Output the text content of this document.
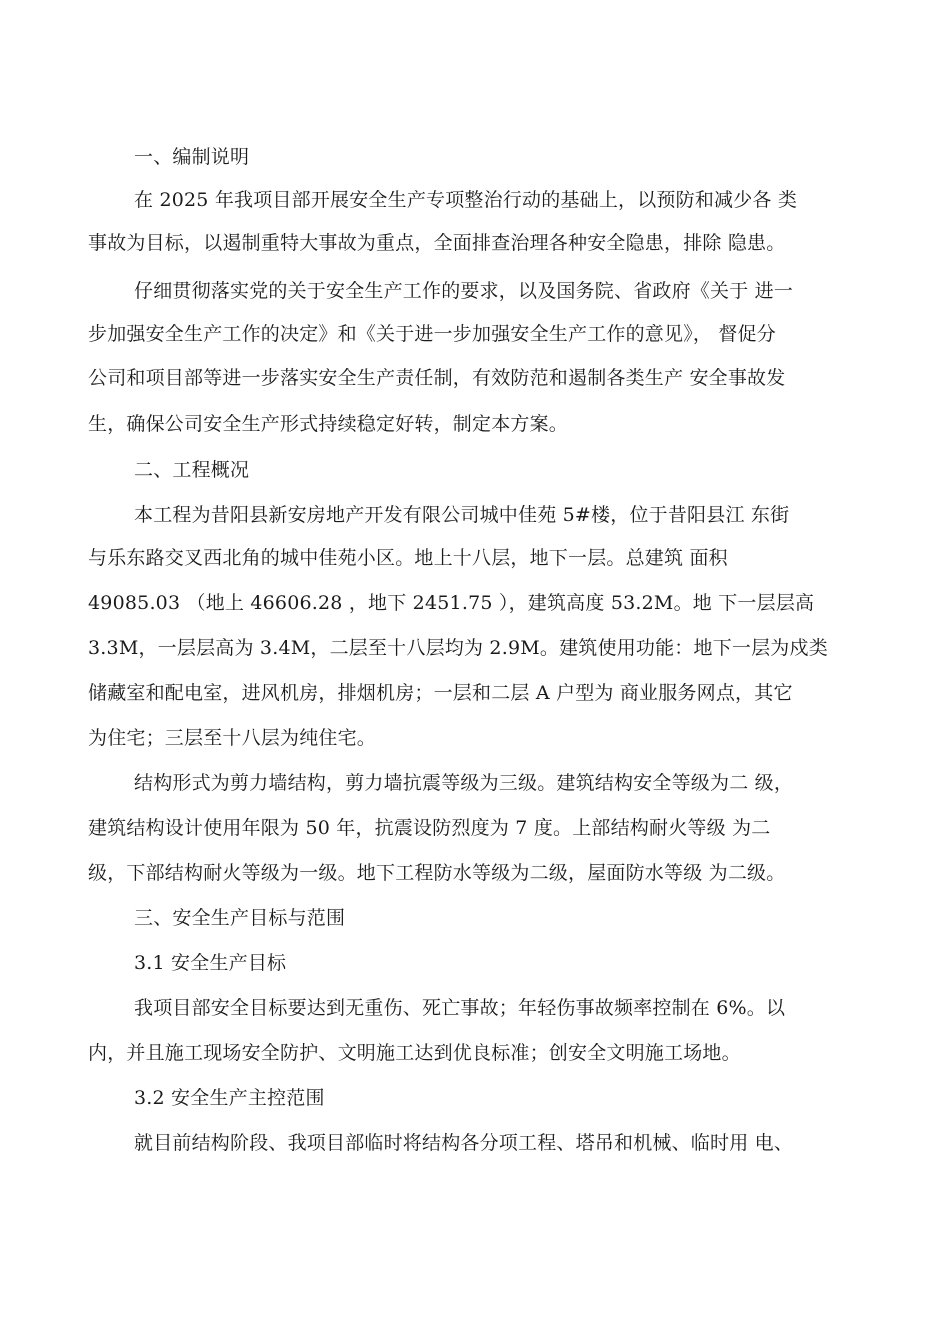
一、编制说明
在 2025 年我项目部开展安全生产专项整治行动的基础上，以预防和减少各 类
事故为目标，以遏制重特大事故为重点，全面排查治理各种安全隐患，排除 隐患。
仔细贯彻落实党的关于安全生产工作的要求，以及国务院、省政府《关于 进一
步加强安全生产工作的决定》和《关于进一步加强安全生产工作的意见》， 督促分
公司和项目部等进一步落实安全生产责任制，有效防范和遏制各类生产 安全事故发
生，确保公司安全生产形式持续稳定好转，制定本方案。
二、工程概况
本工程为昔阳县新安房地产开发有限公司城中佳苑 5#楼，位于昔阳县江 东街
与乐东路交叉西北角的城中佳苑小区。地上十八层，地下一层。总建筑 面积
49085.03 （地上 46606.28 ，地下 2451.75 ），建筑高度 53.2M。地 下一层层高
3.3M，一层层高为 3.4M，二层至十八层均为 2.9M。建筑使用功能：地下一层为戍类
储藏室和配电室，进风机房，排烟机房；一层和二层 A 户型为 商业服务网点，其它
为住宅；三层至十八层为纯住宅。
结构形式为剪力墙结构，剪力墙抗震等级为三级。建筑结构安全等级为二 级，
建筑结构设计使用年限为 50 年，抗震设防烈度为 7 度。上部结构耐火等级 为二
级，下部结构耐火等级为一级。地下工程防水等级为二级，屋面防水等级 为二级。
三、安全生产目标与范围
3.1 安全生产目标
我项目部安全目标要达到无重伤、死亡事故；年轻伤事故频率控制在 6%。以
内，并且施工现场安全防护、文明施工达到优良标准；创安全文明施工场地。
3.2 安全生产主控范围
就目前结构阶段、我项目部临时将结构各分项工程、塔吊和机械、临时用 电、
